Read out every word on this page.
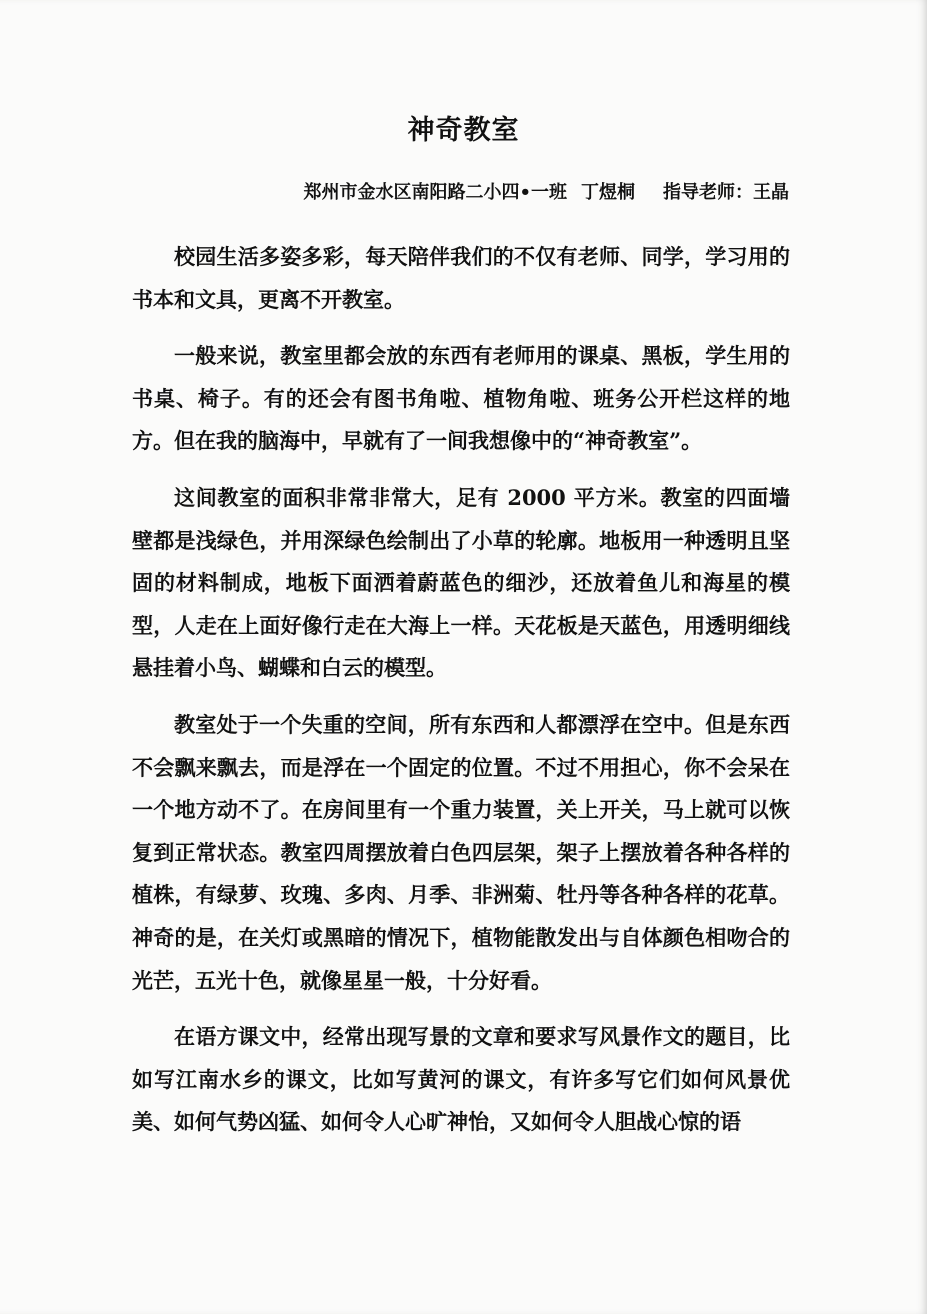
神奇教室
郑州市金水区南阳路二小四•一班 丁煜桐 指导老师：王晶

校园生活多姿多彩，每天陪伴我们的不仅有老师、同学，学习用的书本和文具，更离不开教室。

一般来说，教室里都会放的东西有老师用的课桌、黑板，学生用的书桌、椅子。有的还会有图书角啦、植物角啦、班务公开栏这样的地方。但在我的脑海中，早就有了一间我想像中的“神奇教室”。

这间教室的面积非常非常大，足有 2000 平方米。教室的四面墙壁都是浅绿色，并用深绿色绘制出了小草的轮廓。地板用一种透明且坚固的材料制成，地板下面洒着蔚蓝色的细沙，还放着鱼儿和海星的模型，人走在上面好像行走在大海上一样。天花板是天蓝色，用透明细线悬挂着小鸟、蝴蝶和白云的模型。

教室处于一个失重的空间，所有东西和人都漂浮在空中。但是东西不会飘来飘去，而是浮在一个固定的位置。不过不用担心，你不会呆在一个地方动不了。在房间里有一个重力装置，关上开关，马上就可以恢复到正常状态。教室四周摆放着白色四层架，架子上摆放着各种各样的植株，有绿萝、玫瑰、多肉、月季、非洲菊、牡丹等各种各样的花草。神奇的是，在关灯或黑暗的情况下，植物能散发出与自体颜色相吻合的光芒，五光十色，就像星星一般，十分好看。

在语方课文中，经常出现写景的文章和要求写风景作文的题目，比如写江南水乡的课文，比如写黄河的课文，有许多写它们如何风景优美、如何气势凶猛、如何令人心旷神怡，又如何令人胆战心惊的语
